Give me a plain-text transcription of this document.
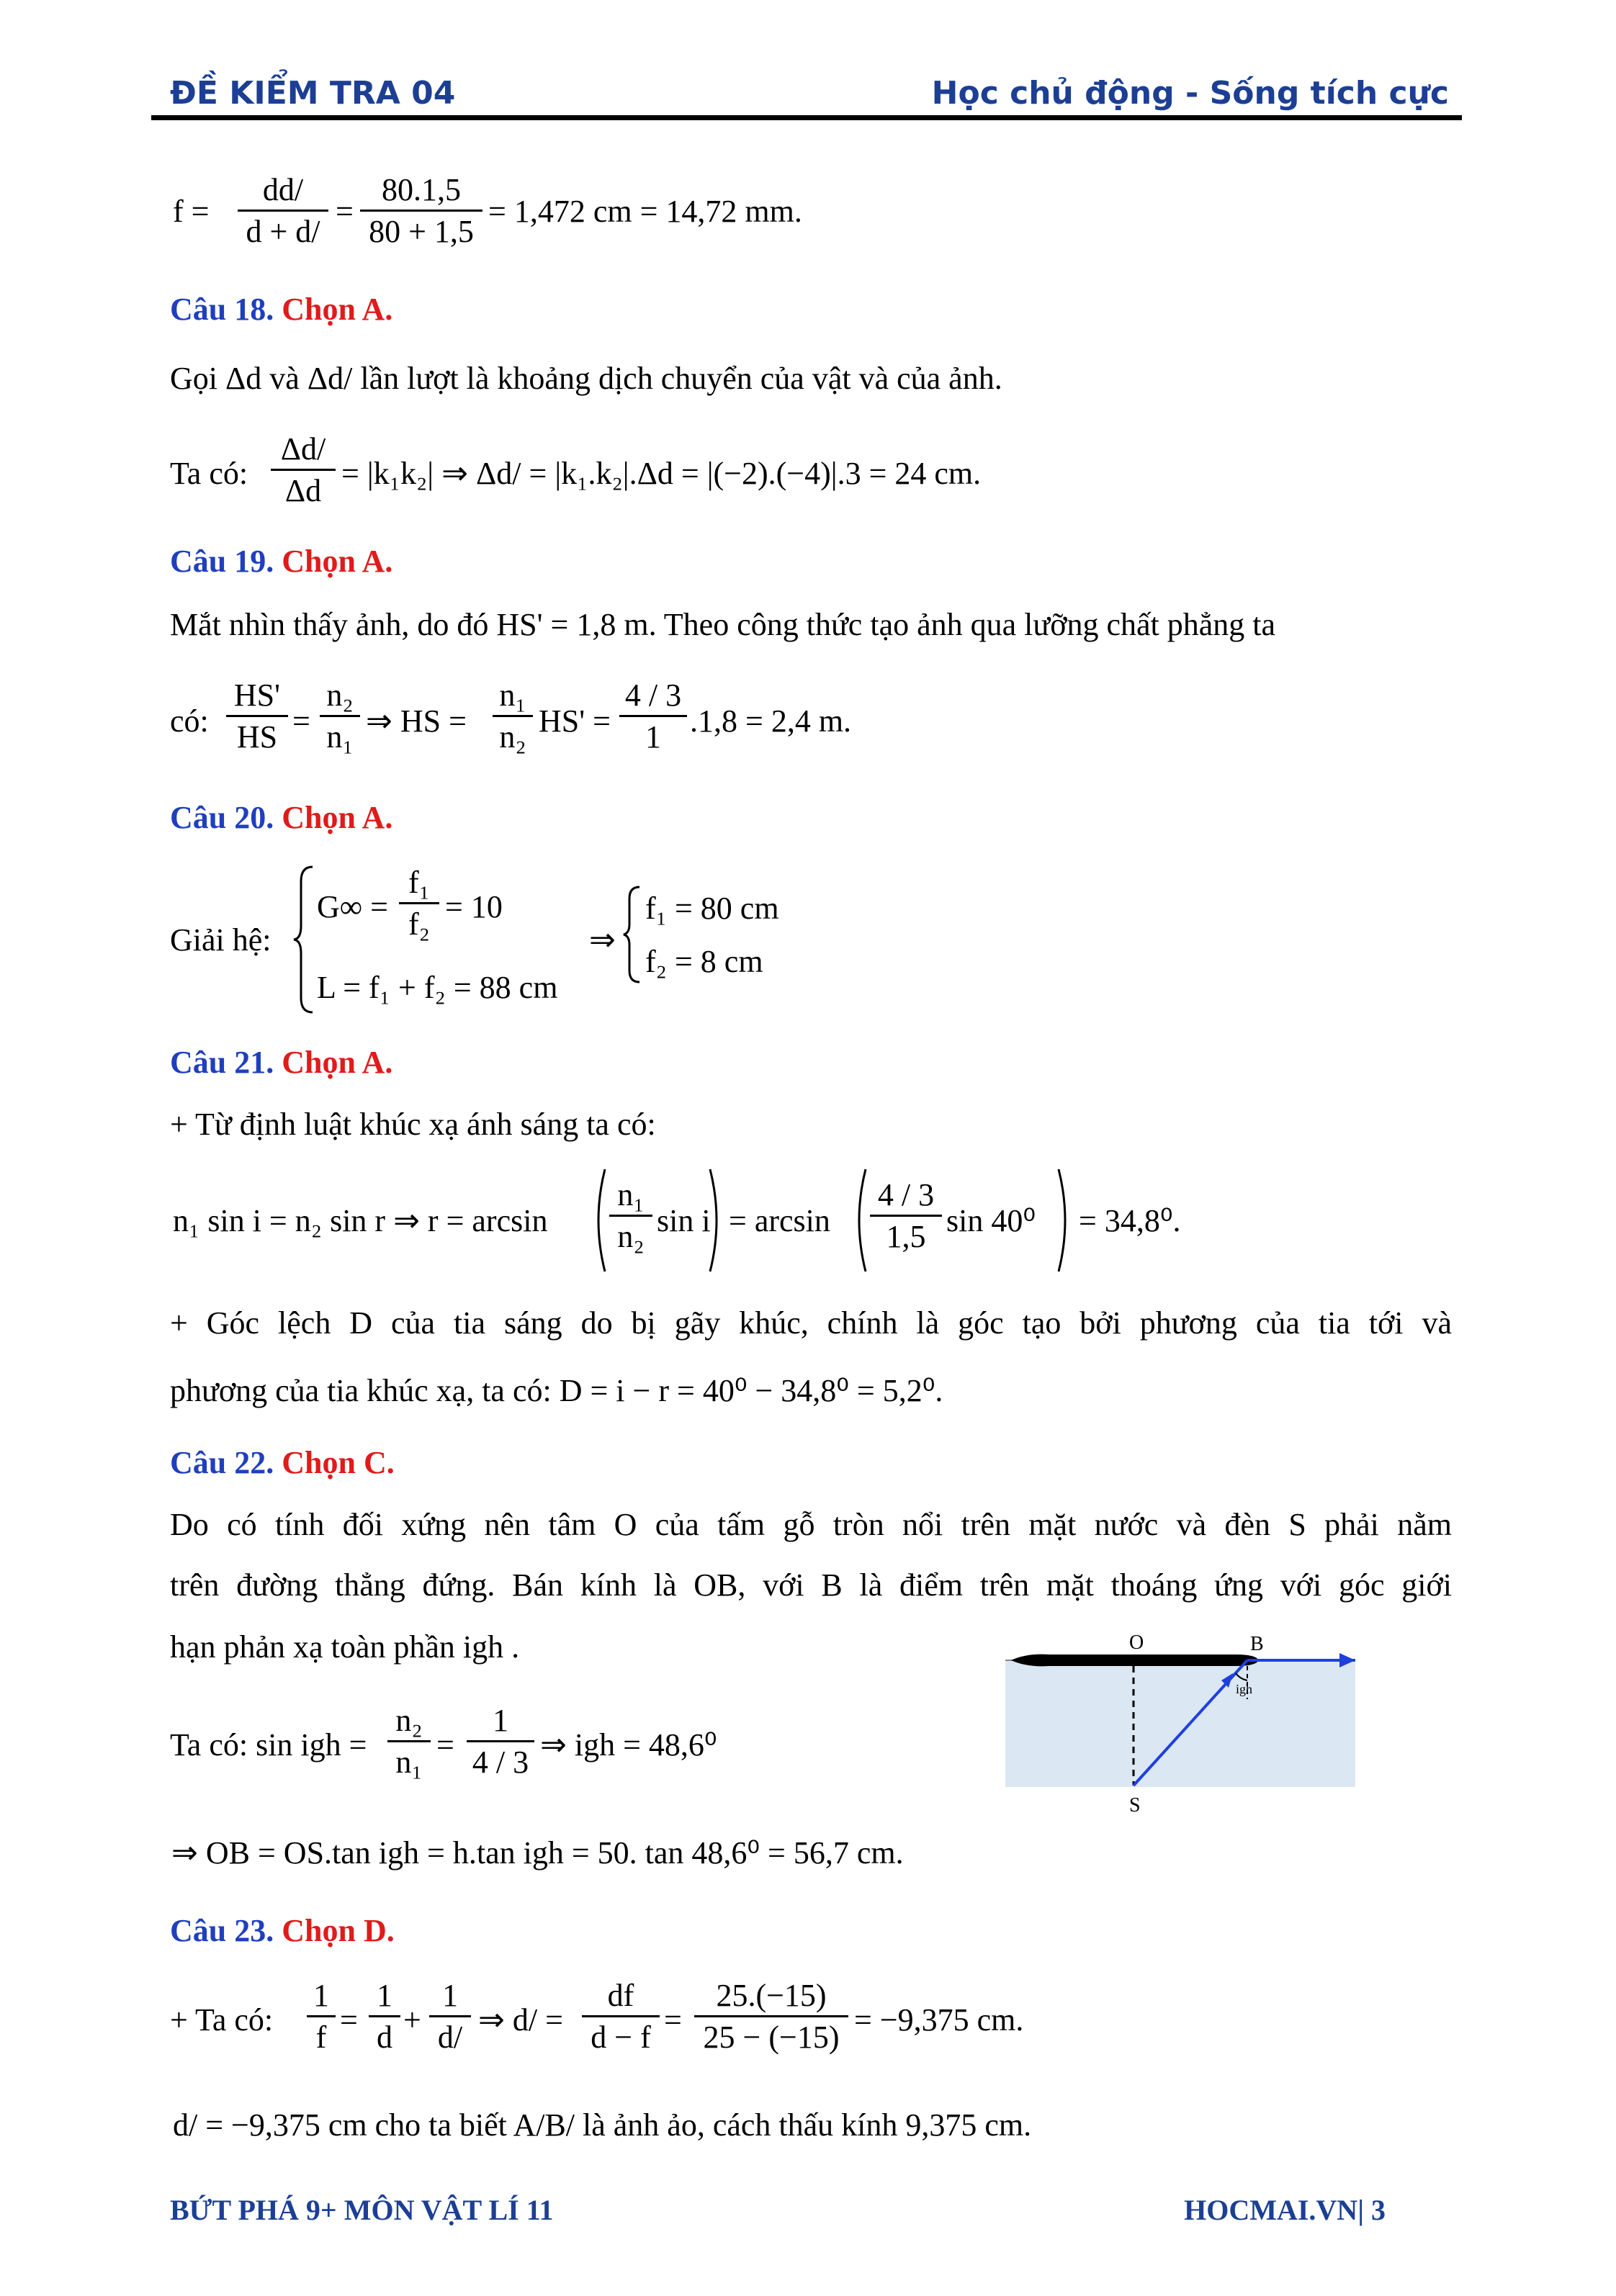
ĐỀ KIỂM TRA 04	Học chủ động - Sống tích cực
f =
dd/
d + d/
=
80.1,5
80 + 1,5
= 1,472 cm = 14,72 mm.
Câu 18. Chọn A.
Gọi Δd và Δd/ lần lượt là khoảng dịch chuyển của vật và của ảnh.
Ta có:
Δd/
Δd = |k₁k₂| ⇒ Δd/ = |k₁.k₂|.Δd = |(−2).(−4)|.3 = 24 cm.
Câu 19. Chọn A.
Mắt nhìn thấy ảnh, do đó HS' = 1,8 m. Theo công thức tạo ảnh qua lưỡng chất phẳng ta
có:
HS'
HS =
n₂
n₁ ⇒ HS =
n₁
n₂ HS' =
4 / 3
1 .1,8 = 2,4 m.
Câu 20. Chọn A.
Giải hệ:
G∞ =
f₁
f₂ = 10
L = f₁ + f₂ = 88 cm
⇒
f₁ = 80 cm
f₂ = 8 cm
Câu 21. Chọn A.
+ Từ định luật khúc xạ ánh sáng ta có:
n₁ sin i = n₂ sin r ⇒ r = arcsin
n₁
n₂ sin i = arcsin
4 / 3
1,5 sin 40⁰ = 34,8⁰.
+ Góc lệch D của tia sáng do bị gãy khúc, chính là góc tạo bởi phương của tia tới và
phương của tia khúc xạ, ta có: D = i − r = 40⁰ − 34,8⁰ = 5,2⁰.
Câu 22. Chọn C.
Do có tính đối xứng nên tâm O của tấm gỗ tròn nổi trên mặt nước và đèn S phải nằm
trên đường thẳng đứng. Bán kính là OB, với B là điểm trên mặt thoáng ứng với góc giới
hạn phản xạ toàn phần igh .	O	B
S
igh
Ta có: sin igh =
n₂
n₁ =
1
4 / 3 ⇒ igh = 48,6⁰
⇒ OB = OS.tan igh = h.tan igh = 50. tan 48,6⁰ = 56,7 cm.
Câu 23. Chọn D.
+ Ta có:
1
f =
1
d +
1
d/ ⇒ d/ =
df
d − f =
25.(−15)
25 − (−15) = −9,375 cm.
d/ = −9,375 cm cho ta biết A/B/ là ảnh ảo, cách thấu kính 9,375 cm.
BỨT PHÁ 9+ MÔN VẬT LÍ 11	HOCMAI.VN| 3
